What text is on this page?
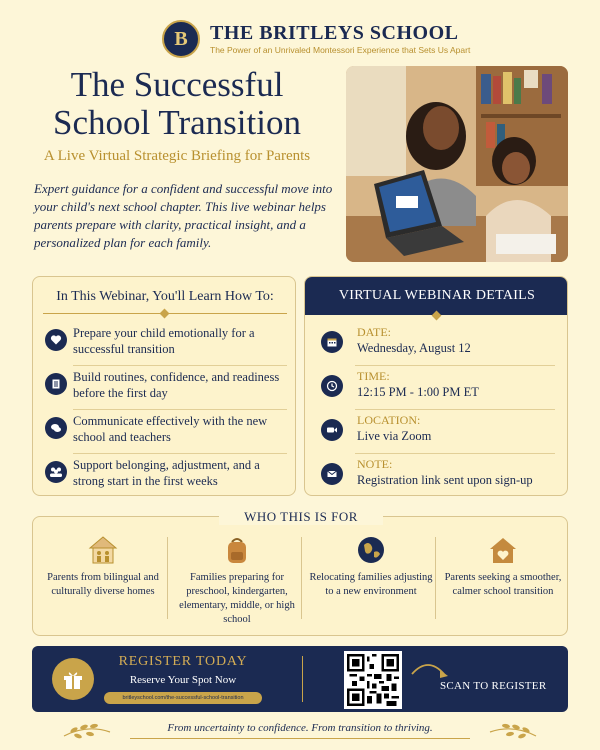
B THE BRITLEYS SCHOOL
The Power of an Unrivaled Montessori Experience that Sets Us Apart
The Successful
School Transition
A Live Virtual Strategic Briefing for Parents
Expert guidance for a confident and successful move into your child's next school chapter. This live webinar helps parents prepare with clarity, practical insight, and a personalized plan for each family.
In This Webinar, You'll Learn How To:
Prepare your child emotionally for a successful transition
Build routines, confidence, and readiness before the first day
Communicate effectively with the new school and teachers
Support belonging, adjustment, and a strong start in the first weeks
VIRTUAL WEBINAR DETAILS
DATE:
Wednesday, August 12
TIME:
12:15 PM - 1:00 PM ET
LOCATION:
Live via Zoom
NOTE:
Registration link sent upon sign-up
WHO THIS IS FOR
Parents from bilingual and culturally diverse homes
Families preparing for preschool, kindergarten, elementary, middle, or high school
Relocating families adjusting to a new environment
Parents seeking a smoother, calmer school transition
REGISTER TODAY
Reserve Your Spot Now
britleyschool.com/the-successful-school-transition
SCAN TO REGISTER
From uncertainty to confidence. From transition to thriving.
